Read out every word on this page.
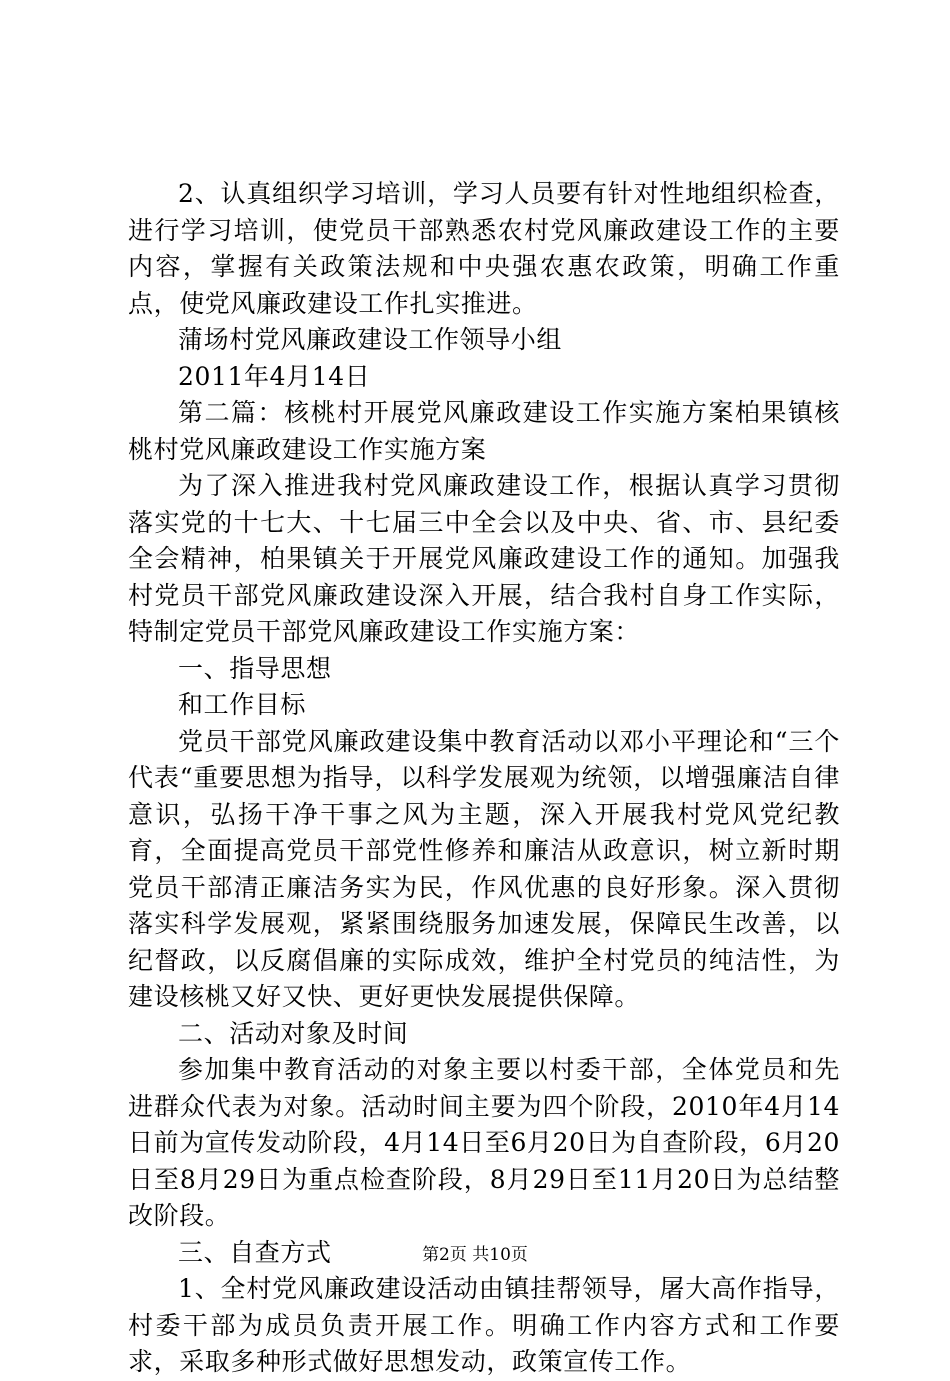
2、认真组织学习培训，学习人员要有针对性地组织检查，进行学习培训，使党员干部熟悉农村党风廉政建设工作的主要内容，掌握有关政策法规和中央强农惠农政策，明确工作重点，使党风廉政建设工作扎实推进。

蒲场村党风廉政建设工作领导小组

2011年4月14日

第二篇：核桃村开展党风廉政建设工作实施方案柏果镇核桃村党风廉政建设工作实施方案

为了深入推进我村党风廉政建设工作，根据认真学习贯彻落实党的十七大、十七届三中全会以及中央、省、市、县纪委全会精神，柏果镇关于开展党风廉政建设工作的通知。加强我村党员干部党风廉政建设深入开展，结合我村自身工作实际，特制定党员干部党风廉政建设工作实施方案：

一、指导思想

和工作目标

党员干部党风廉政建设集中教育活动以邓小平理论和“三个代表“重要思想为指导，以科学发展观为统领，以增强廉洁自律意识，弘扬干净干事之风为主题，深入开展我村党风党纪教育，全面提高党员干部党性修养和廉洁从政意识，树立新时期党员干部清正廉洁务实为民，作风优惠的良好形象。深入贯彻落实科学发展观，紧紧围绕服务加速发展，保障民生改善，以纪督政，以反腐倡廉的实际成效，维护全村党员的纯洁性，为建设核桃又好又快、更好更快发展提供保障。

二、活动对象及时间

参加集中教育活动的对象主要以村委干部，全体党员和先进群众代表为对象。活动时间主要为四个阶段，2010年4月14日前为宣传发动阶段，4月14日至6月20日为自查阶段，6月20日至8月29日为重点检查阶段，8月29日至11月20日为总结整改阶段。

三、自查方式

1、全村党风廉政建设活动由镇挂帮领导，屠大高作指导，村委干部为成员负责开展工作。明确工作内容方式和工作要求，采取多种形式做好思想发动，政策宣传工作。

第2页 共10页
